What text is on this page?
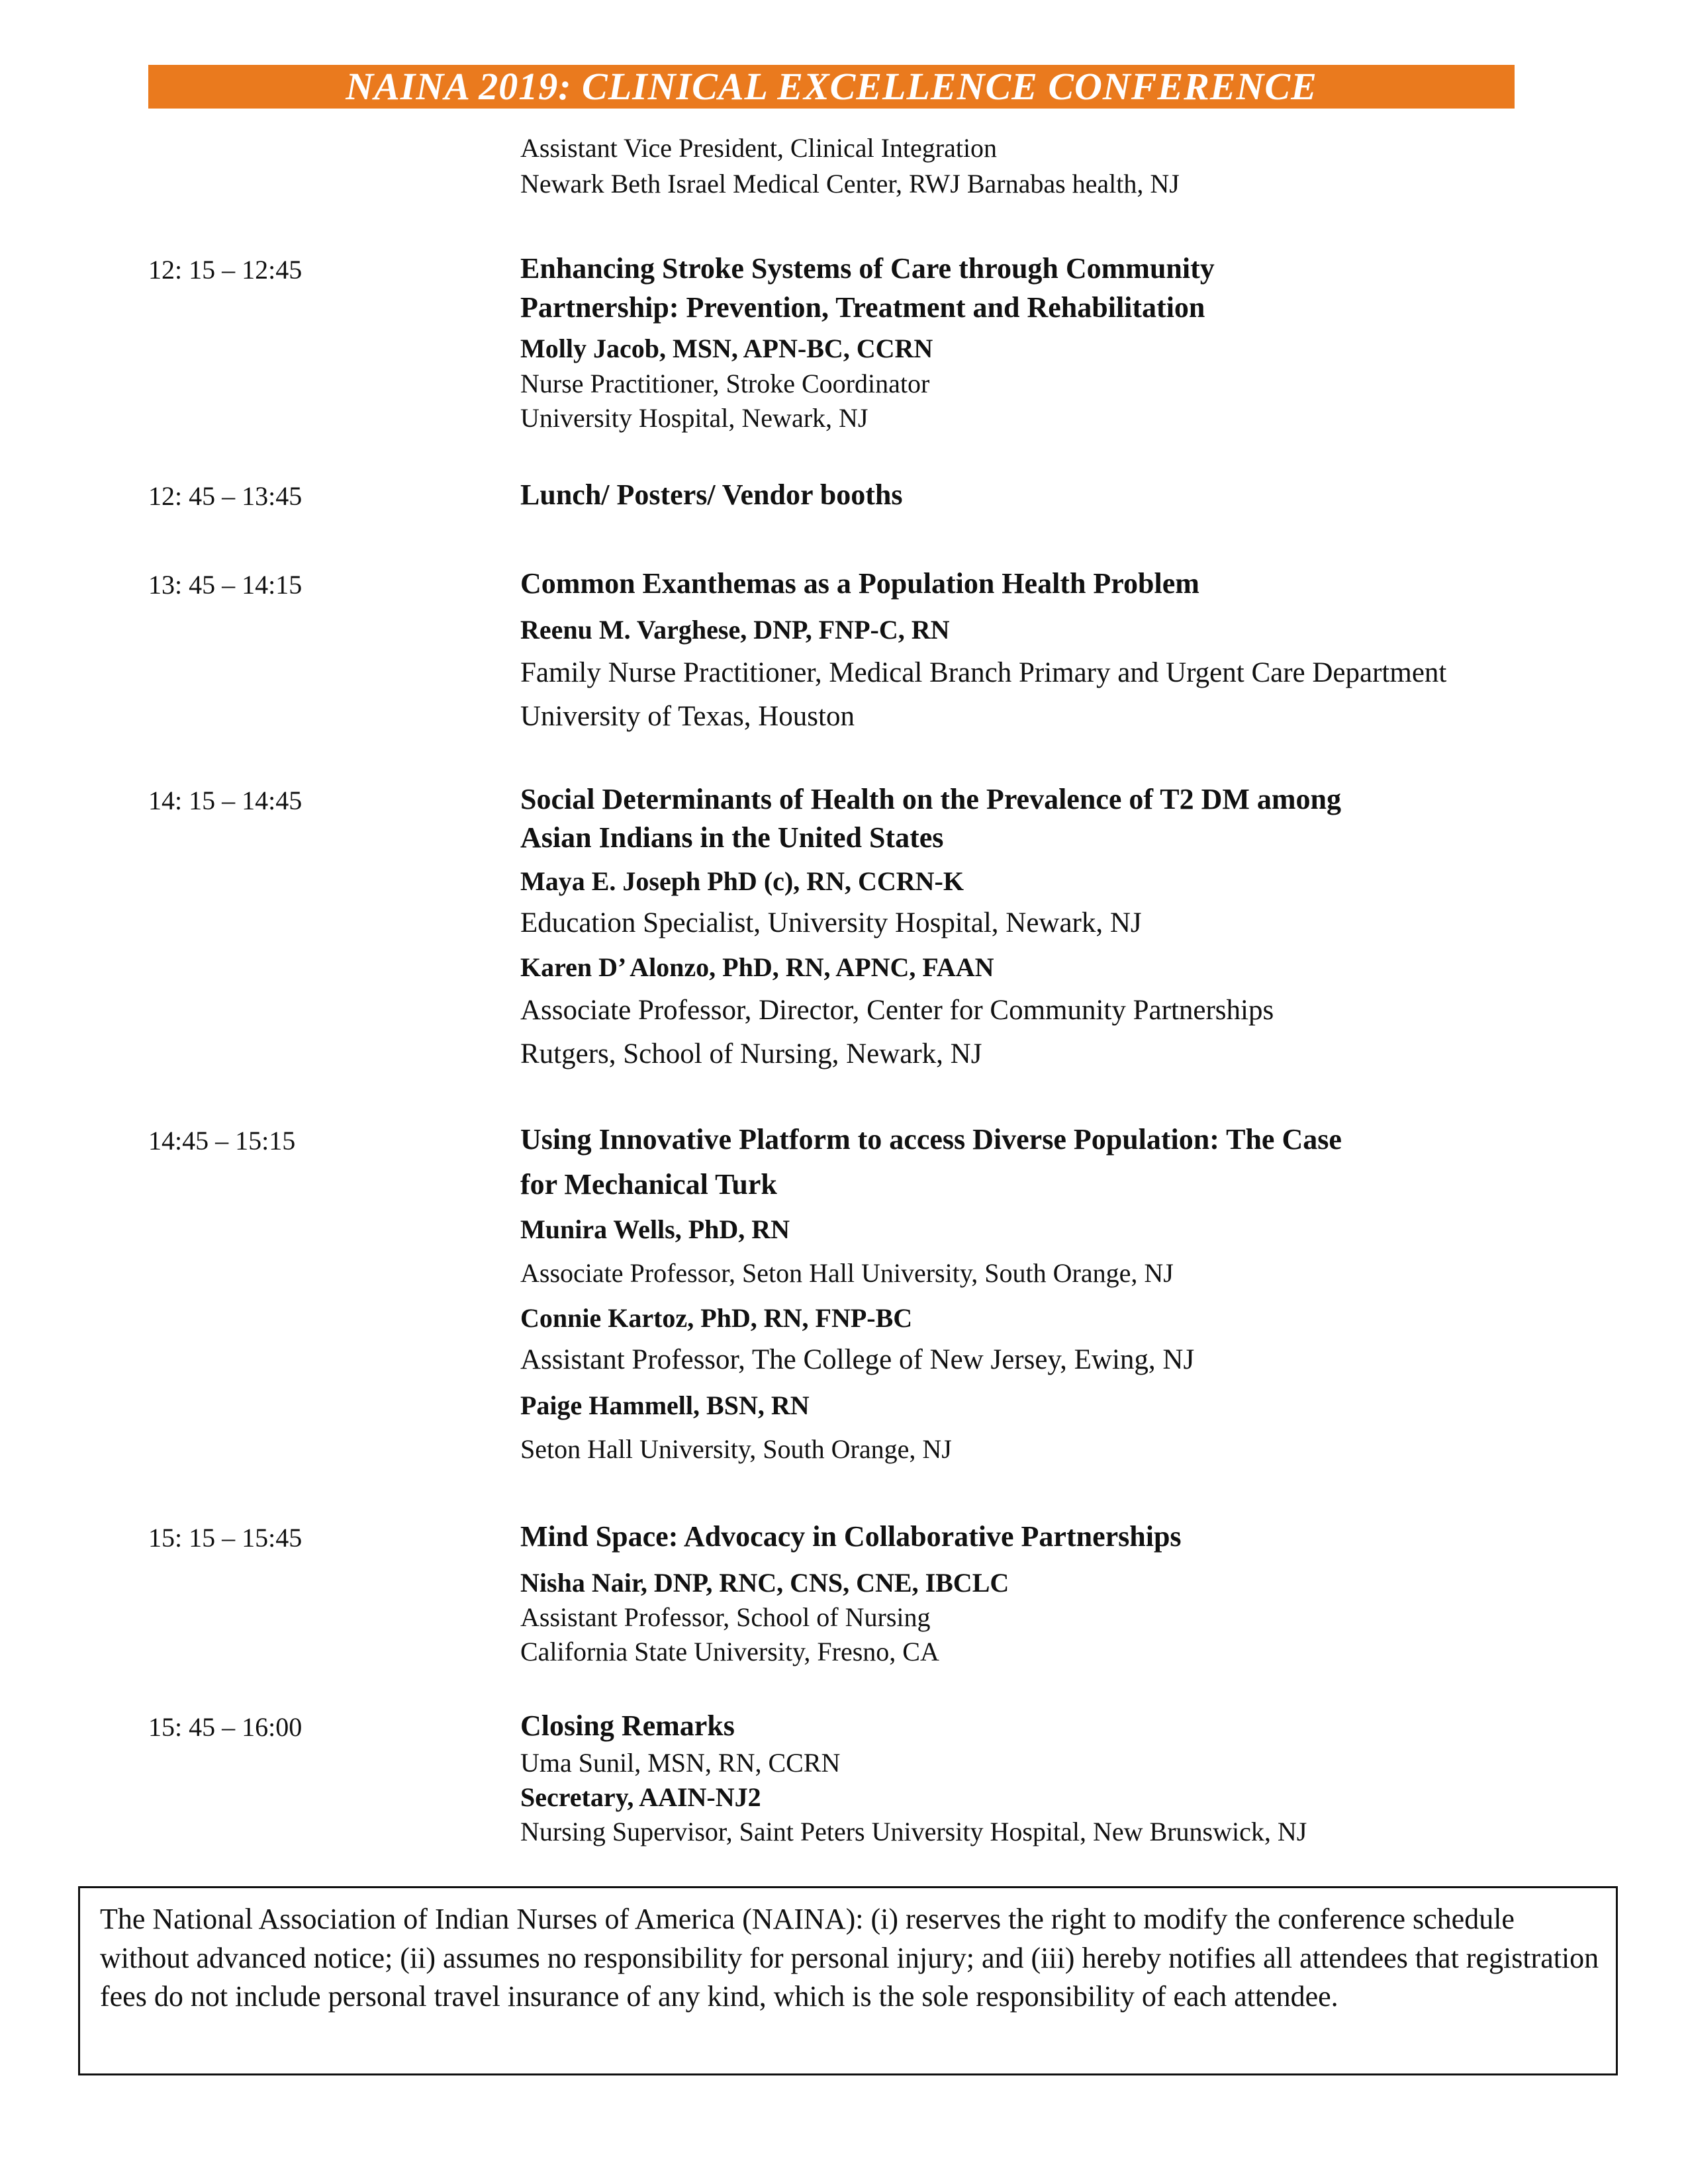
NAINA 2019: CLINICAL EXCELLENCE CONFERENCE
Assistant Vice President, Clinical Integration
Newark Beth Israel Medical Center, RWJ Barnabas health, NJ
12: 15 – 12:45	Enhancing Stroke Systems of Care through Community
Partnership: Prevention, Treatment and Rehabilitation
Molly Jacob, MSN, APN-BC, CCRN
Nurse Practitioner, Stroke Coordinator
University Hospital, Newark, NJ
12: 45 – 13:45	Lunch/ Posters/ Vendor booths
13: 45 – 14:15	Common Exanthemas as a Population Health Problem
Reenu M. Varghese, DNP, FNP-C, RN
Family Nurse Practitioner, Medical Branch Primary and Urgent Care Department
University of Texas, Houston
14: 15 – 14:45	Social Determinants of Health on the Prevalence of T2 DM among
Asian Indians in the United States
Maya E. Joseph PhD (c), RN, CCRN-K
Education Specialist, University Hospital, Newark, NJ
Karen D’ Alonzo, PhD, RN, APNC, FAAN
Associate Professor, Director, Center for Community Partnerships
Rutgers, School of Nursing, Newark, NJ
14:45 – 15:15	Using Innovative Platform to access Diverse Population: The Case
for Mechanical Turk
Munira Wells, PhD, RN
Associate Professor, Seton Hall University, South Orange, NJ
Connie Kartoz, PhD, RN, FNP-BC
Assistant Professor, The College of New Jersey, Ewing, NJ
Paige Hammell, BSN, RN
Seton Hall University, South Orange, NJ
15: 15 – 15:45	Mind Space: Advocacy in Collaborative Partnerships
Nisha Nair, DNP, RNC, CNS, CNE, IBCLC
Assistant Professor, School of Nursing
California State University, Fresno, CA
15: 45 – 16:00	Closing Remarks
Uma Sunil, MSN, RN, CCRN
Secretary, AAIN-NJ2
Nursing Supervisor, Saint Peters University Hospital, New Brunswick, NJ
The National Association of Indian Nurses of America (NAINA): (i) reserves the right to modify the conference schedule without advanced notice; (ii) assumes no responsibility for personal injury; and (iii) hereby notifies all attendees that registration fees do not include personal travel insurance of any kind, which is the sole responsibility of each attendee.
